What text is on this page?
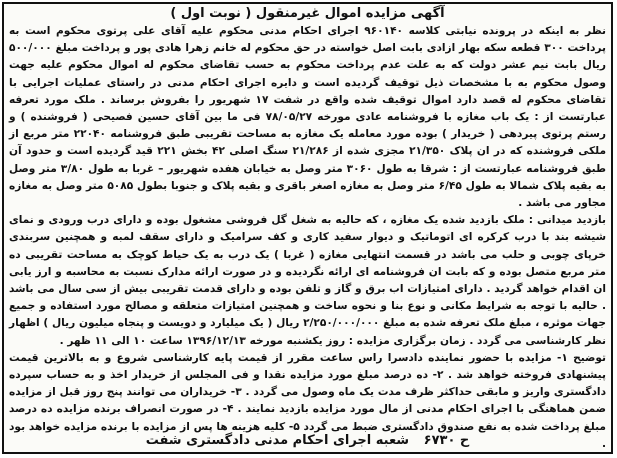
آگهی مزایده اموال غیرمنقول ( نوبت اول )

نظر به اینکه در پرونده نیابتی کلاسه ۹۶۰۱۴۰ اجرای احکام مدنی محکوم علیه آقای علی پرتوی محکوم است به پرداخت ۳۰۰ قطعه سکه بهار ازادی بابت اصل خواسته در حق محکوم له خانم زهرا هادی پور و پرداخت مبلغ ۵۰۰/۰۰۰ ریال بابت نیم عشر دولت که به علت عدم پرداخت محکوم به حسب تقاضای محکوم له اموال محکوم علیه جهت وصول محکوم به با مشخصات ذیل توقیف گردیده است و دایره اجرای احکام مدنی در راستای عملیات اجرایی با تقاضای محکوم له قصد دارد اموال توقیف شده واقع در شفت ۱۷ شهریور را بفروش برساند . ملک مورد تعرفه عبارتست از : یک باب مغازه با فروشنامه عادی مورخه ۷۸/۰۵/۲۷ فی ما بین آقای حسین فصیحی ( فروشنده ) و رستم پرتوی پیردهی ( خریدار ) بوده مورد معامله یک مغازه به مساحت تقریبی طبق فروشنامه ۲۲۰۴۰ متر مربع از ملکی فروشنده که در ان پلاک ۲۱/۳۵۰ مجزی شده از ۲۱/۲۸۶ سنگ اصلی ۴۲ بخش ۲۲۱ قید گردیده است و حدود آن طبق فروشنامه عبارتست از : شرقا به طول ۳۰۶۰ متر وصل به خیابان هفده شهریور – غربا به طول ۳/۸۰ متر وصل به بقیه پلاک شمالا به طول ۶/۴۵ متر وصل به مغازه اصغر باقری و بقیه پلاک و جنوبا بطول ۵۰۸۵ متر وصل به مغازه مجاور می باشد .

بازدید میدانی : ملک بازدید شده یک مغازه ، که حالیه به شغل گل فروشی مشغول بوده و دارای درب ورودی و نمای شیشه بند با درب کرکره ای اتوماتیک و دیوار سفید کاری و کف سرامیک و دارای سقف لمبه و همچنین سربندی خرپای چوبی و حلب می باشد در قسمت انتهایی مغازه ( غربا ) یک درب به یک حیاط کوچک به مساحت تقریبی ده متر مربع متصل بوده و که بابت ان فروشنامه ای ارائه نگردیده و در صورت ارائه مدارک نسبت به محاسبه و ارز یابی ان اقدام خواهد گردید . دارای امتیازات اب برق و گاز و تلفن بوده و دارای قدمت تقریبی بیش از سی سال می باشد . حالیه با توجه به شرایط مکانی و نوع بنا و نحوه ساخت و همچنین امتیازات متعلقه و مصالح مورد استفاده و جمیع جهات موثره ، مبلغ ملک تعرفه شده به مبلغ ۲/۲۵۰/۰۰۰/۰۰۰ ریال ( یک میلیارد و دویست و پنجاه میلیون ریال ) اظهار نظر کارشناسی می گردد . زمان برگزاری مزایده : روز یکشنبه مورخه ۱۳۹۶/۱۲/۱۳ ساعت ۱۰ الی ۱۱ ظهر .

توضیح ۱- مزایده با حضور نماینده دادسرا راس ساعت مقرر از قیمت پایه کارشناسی شروع و به بالاترین قیمت پیشنهادی فروخته خواهد شد . ۲- ده درصد مبلغ مورد مزایده نقدا و فی المجلس از خریدار اخذ و به حساب سپرده دادگستری واریز و مابقی حداکثر ظرف مدت یک ماه وصول می گردد . ۳- خریداران می توانند پنج روز قبل از مزایده ضمن هماهنگی با اجرای احکام مدنی از مال مورد مزایده بازدید نمایند . ۴- در صورت انصراف برنده مزایده ده درصد مبلغ پرداخت شده به نفع صندوق دادگستری ضبط می گردد ۵- کلیه هزینه ها پس از مزایده با برنده مزایده خواهد بود .

ح ۶۷۳۰ شعبه اجرای احکام مدنی دادگستری شفت
